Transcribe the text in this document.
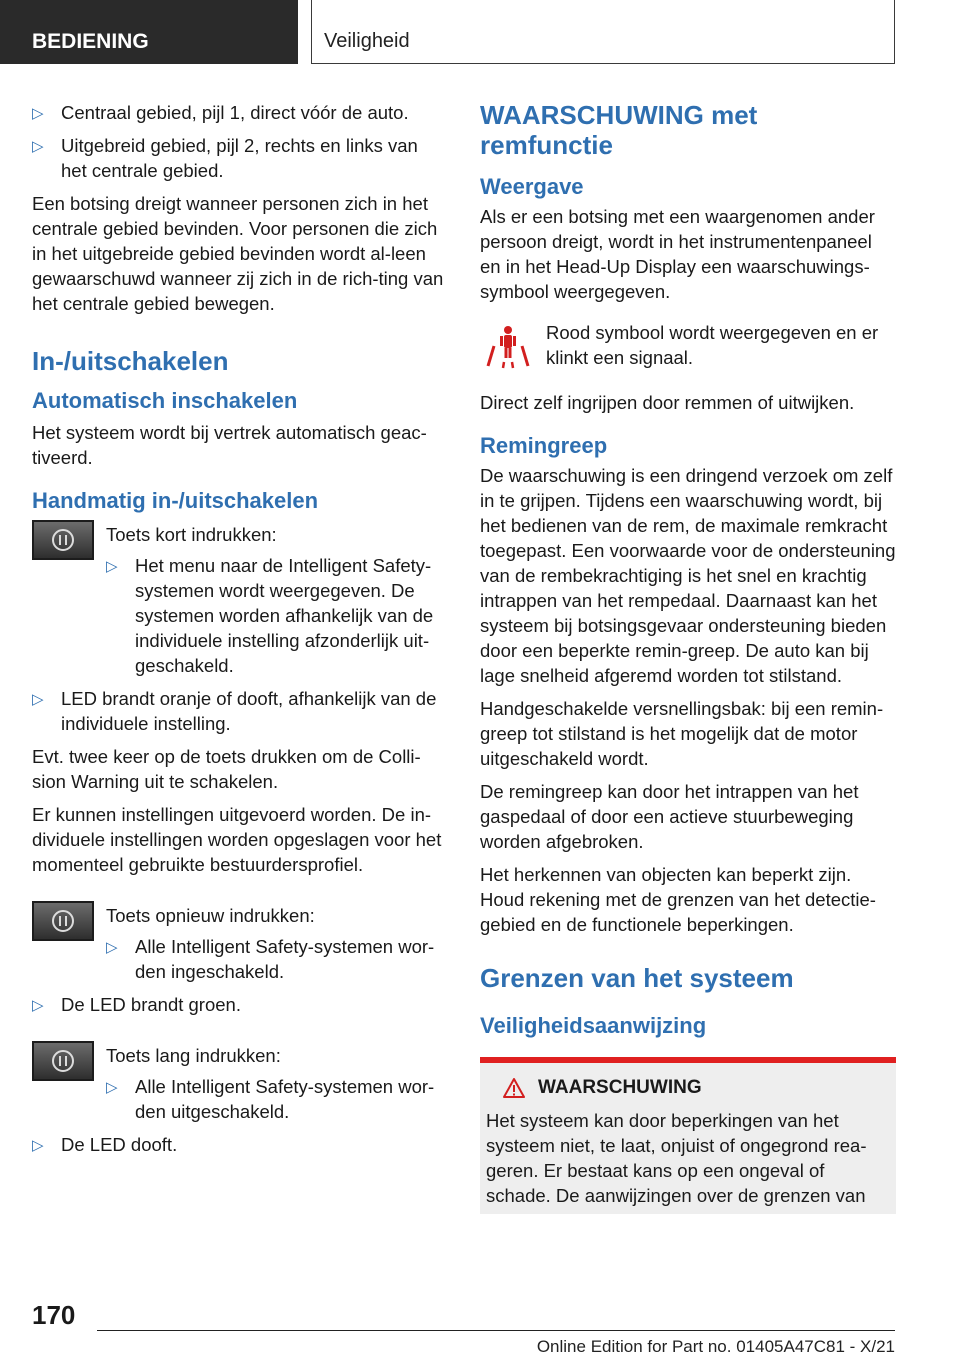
BEDIENING	Veiligheid
▷ Centraal gebied, pijl 1, direct vóór de auto.
▷ Uitgebreid gebied, pijl 2, rechts en links van het centrale gebied.

Een botsing dreigt wanneer personen zich in het centrale gebied bevinden. Voor personen die zich in het uitgebreide gebied bevinden wordt al-leen gewaarschuwd wanneer zij zich in de rich-ting van het centrale gebied bewegen.

In-/uitschakelen
Automatisch inschakelen

Het systeem wordt bij vertrek automatisch geac-tiveerd.

Handmatig in-/uitschakelen

Toets kort indrukken:

▷ Het menu naar de Intelligent Safety-systemen wordt weergegeven. De systemen worden afhankelijk van de individuele instelling afzonderlijk uit-geschakeld.
▷ LED brandt oranje of dooft, afhankelijk van de individuele instelling.

Evt. twee keer op de toets drukken om de Colli-sion Warning uit te schakelen.

Er kunnen instellingen uitgevoerd worden. De in-dividuele instellingen worden opgeslagen voor het momenteel gebruikte bestuurdersprofiel.

Toets opnieuw indrukken:

▷ Alle Intelligent Safety-systemen wor-den ingeschakeld.
▷ De LED brandt groen.

Toets lang indrukken:

▷ Alle Intelligent Safety-systemen wor-den uitgeschakeld.
▷ De LED dooft.
WAARSCHUWING met remfunctie
Weergave

Als er een botsing met een waargenomen ander persoon dreigt, wordt in het instrumentenpaneel en in het Head-Up Display een waarschuwings-symbool weergegeven.

Rood symbool wordt weergegeven en er klinkt een signaal.

Direct zelf ingrijpen door remmen of uitwijken.

Remingreep

De waarschuwing is een dringend verzoek om zelf in te grijpen. Tijdens een waarschuwing wordt, bij het bedienen van de rem, de maximale remkracht toegepast. Een voorwaarde voor de ondersteuning van de rembekrachtiging is het snel en krachtig intrappen van het rempedaal. Daarnaast kan het systeem bij botsingsgevaar ondersteuning bieden door een beperkte remin-greep. De auto kan bij lage snelheid afgeremd worden tot stilstand.

Handgeschakelde versnellingsbak: bij een remin-greep tot stilstand is het mogelijk dat de motor uitgeschakeld wordt.

De remingreep kan door het intrappen van het gaspedaal of door een actieve stuurbeweging worden afgebroken.

Het herkennen van objecten kan beperkt zijn. Houd rekening met de grenzen van het detectie-gebied en de functionele beperkingen.

Grenzen van het systeem
Veiligheidsaanwijzing
WAARSCHUWING

Het systeem kan door beperkingen van het systeem niet, te laat, onjuist of ongegrond rea-geren. Er bestaat kans op een ongeval of schade. De aanwijzingen over de grenzen van

170
Online Edition for Part no. 01405A47C81 - X/21
